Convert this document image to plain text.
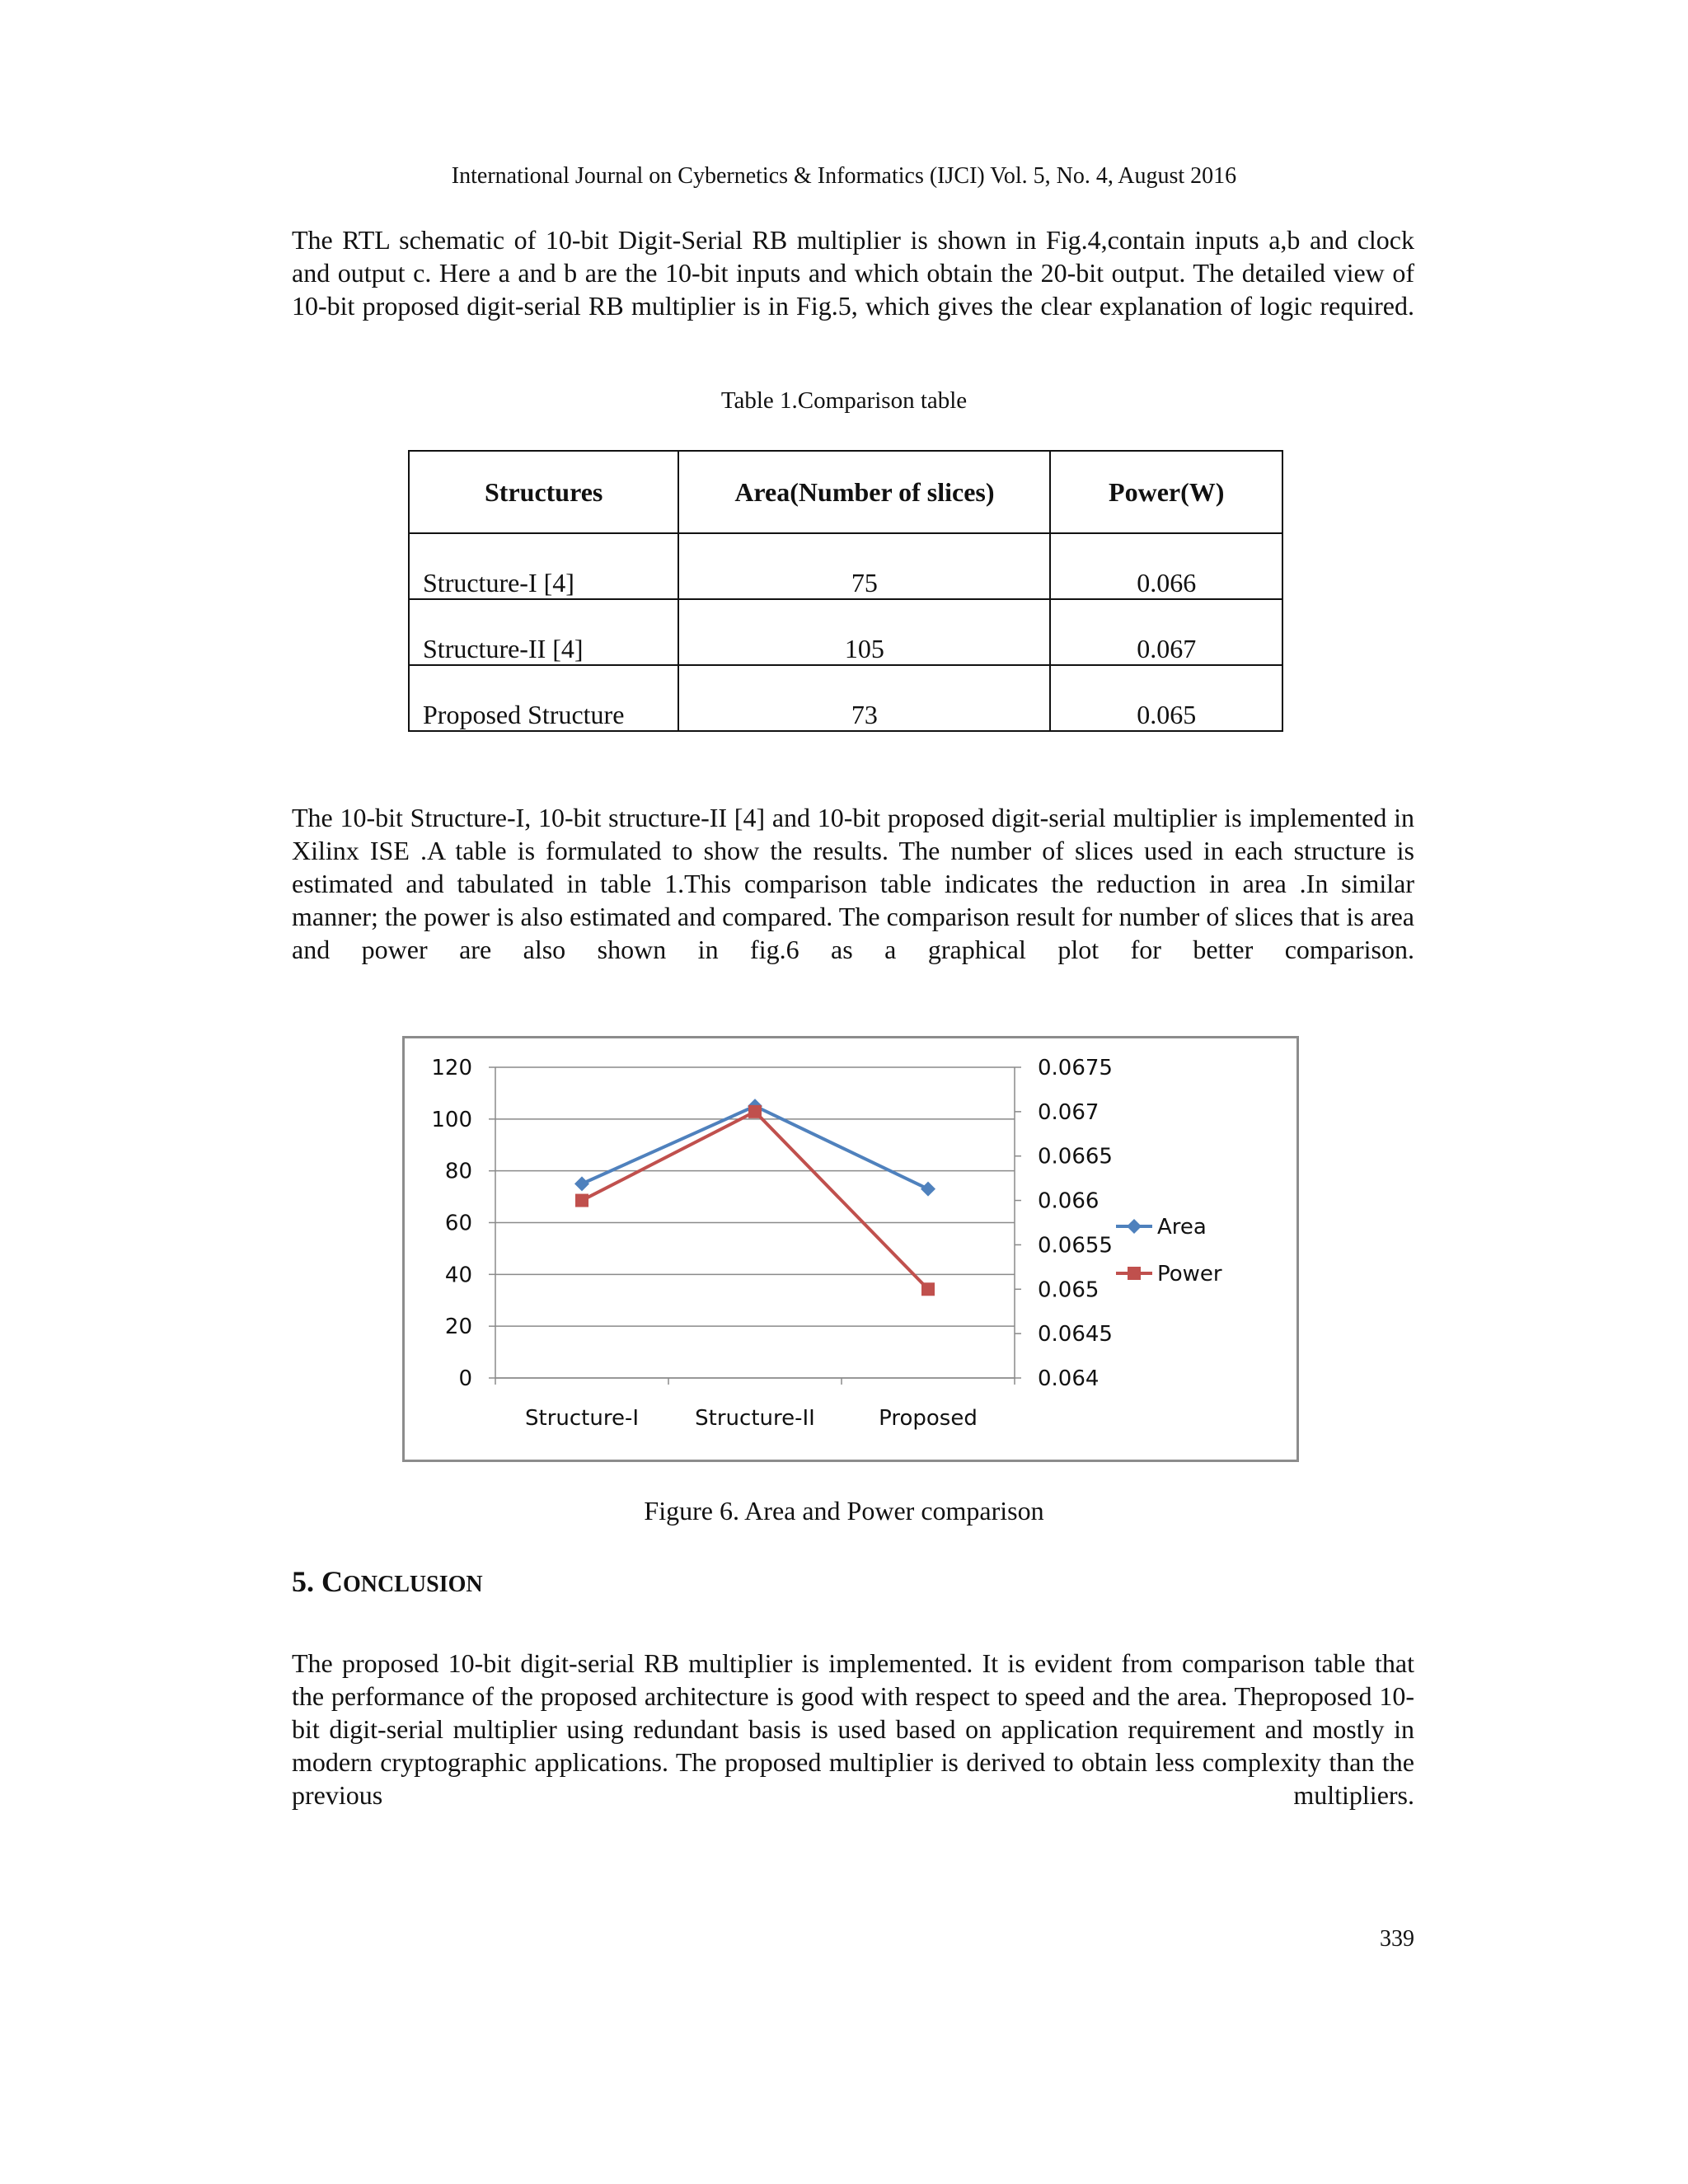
International Journal on Cybernetics & Informatics (IJCI) Vol. 5, No. 4, August 2016

The RTL schematic of 10-bit Digit-Serial RB multiplier is shown in Fig.4,contain inputs a,b and clock and output c. Here a and b are the 10-bit inputs and which obtain the 20-bit output. The detailed view of 10-bit proposed digit-serial RB multiplier is in Fig.5, which gives the clear explanation of logic required.

Table 1.Comparison table
Structures	Area(Number of slices)	Power(W)
Structure-I [4]	75	0.066
Structure-II [4]	105	0.067
Proposed Structure	73	0.065

The 10-bit Structure-I, 10-bit structure-II [4] and 10-bit proposed digit-serial multiplier is implemented in Xilinx ISE .A table is formulated to show the results. The number of slices used in each structure is estimated and tabulated in table 1.This comparison table indicates the reduction in area .In similar manner; the power is also estimated and compared. The comparison result for number of slices that is area and power are also shown in fig.6 as a graphical plot for better comparison.

0
20
40
60
80
100
120
0.064
0.0645
0.065
0.0655
0.066
0.0665
0.067
0.0675
Structure-I	Structure-II	Proposed
Area
Power
Figure 6. Area and Power comparison
5. CONCLUSION

The proposed 10-bit digit-serial RB multiplier is implemented. It is evident from comparison table that the performance of the proposed architecture is good with respect to speed and the area. Theproposed 10-bit digit-serial multiplier using redundant basis is used based on application requirement and mostly in modern cryptographic applications. The proposed multiplier is derived to obtain less complexity than the previous multipliers.

339
